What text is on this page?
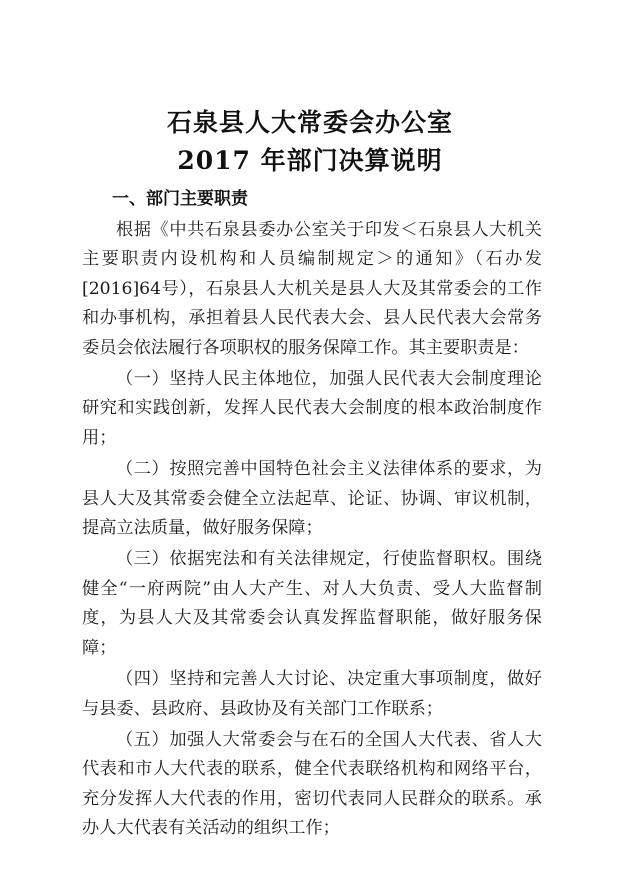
石泉县人大常委会办公室
2017 年部门决算说明
一、部门主要职责

根据《中共石泉县委办公室关于印发＜石泉县人大机关主要职责内设机构和人员编制规定＞的通知》（石办发[2016]64号），石泉县人大机关是县人大及其常委会的工作和办事机构，承担着县人民代表大会、县人民代表大会常务委员会依法履行各项职权的服务保障工作。其主要职责是：

（一）坚持人民主体地位，加强人民代表大会制度理论研究和实践创新，发挥人民代表大会制度的根本政治制度作用；

（二）按照完善中国特色社会主义法律体系的要求，为县人大及其常委会健全立法起草、论证、协调、审议机制，提高立法质量，做好服务保障；

（三）依据宪法和有关法律规定，行使监督职权。围绕健全“一府两院”由人大产生、对人大负责、受人大监督制度，为县人大及其常委会认真发挥监督职能，做好服务保障；

（四）坚持和完善人大讨论、决定重大事项制度，做好与县委、县政府、县政协及有关部门工作联系；

（五）加强人大常委会与在石的全国人大代表、省人大代表和市人大代表的联系，健全代表联络机构和网络平台，充分发挥人大代表的作用，密切代表同人民群众的联系。承办人大代表有关活动的组织工作；
